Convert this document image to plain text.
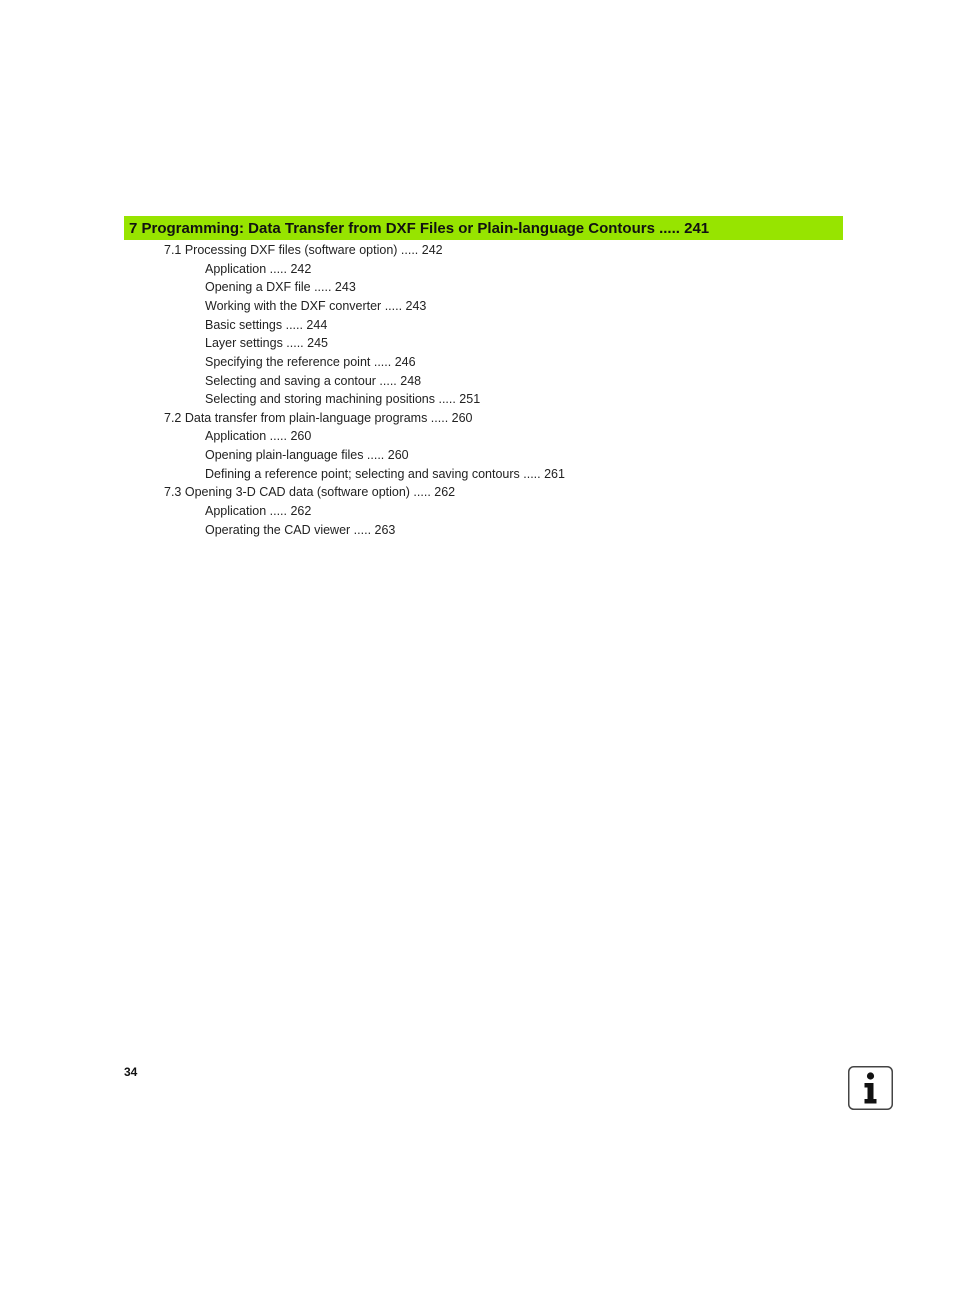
7 Programming: Data Transfer from DXF Files or Plain-language Contours ..... 241
7.1 Processing DXF files (software option) ..... 242
Application ..... 242
Opening a DXF file ..... 243
Working with the DXF converter ..... 243
Basic settings ..... 244
Layer settings ..... 245
Specifying the reference point ..... 246
Selecting and saving a contour ..... 248
Selecting and storing machining positions ..... 251
7.2 Data transfer from plain-language programs ..... 260
Application ..... 260
Opening plain-language files ..... 260
Defining a reference point; selecting and saving contours ..... 261
7.3 Opening 3-D CAD data (software option) ..... 262
Application ..... 262
Operating the CAD viewer ..... 263
34
